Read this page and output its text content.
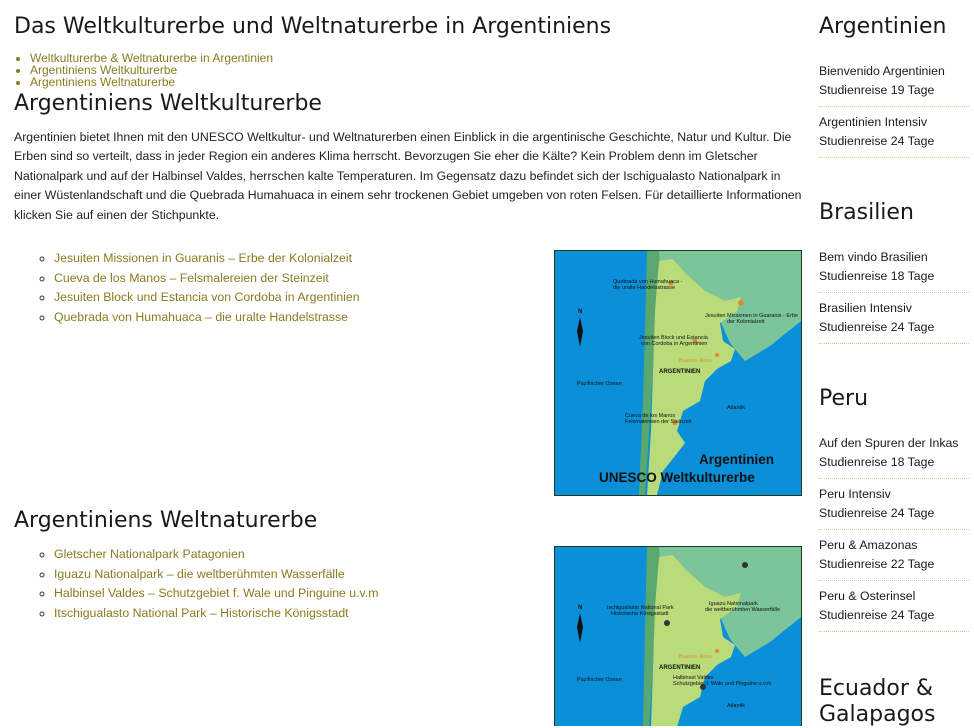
Das Weltkulturerbe und Weltnaturerbe in Argentiniens
• Weltkulturerbe & Weltnaturerbe in Argentinien
• Argentiniens Weltkulturerbe
• Argentiniens Weltnaturerbe
Argentiniens Weltkulturerbe

Argentinien bietet Ihnen mit den UNESCO Weltkultur- und Weltnaturerben einen Einblick in die argentinische Geschichte, Natur und Kultur. Die Erben sind so verteilt, dass in jeder Region ein anderes Klima herrscht. Bevorzugen Sie eher die Kälte? Kein Problem denn im Gletscher Nationalpark und auf der Halbinsel Valdes, herrschen kalte Temperaturen. Im Gegensatz dazu befindet sich der Ischigualasto Nationalpark in einer Wüstenlandschaft und die Quebrada Humahuaca in einem sehr trockenen Gebiet umgeben von roten Felsen. Für detaillierte Informationen klicken Sie auf einen der Stichpunkte.

◦ Jesuiten Missionen in Guaranis – Erbe der Kolonialzeit
◦ Cueva de los Manos – Felsmalereien der Steinzeit
◦ Jesuiten Block und Estancia von Cordoba in Argentinien
◦ Quebrada von Humahuaca – die uralte Handelstrasse
Quebrada von Humahuaca -
die uralte Handelsstrasse
Jesuiten Missionen in Guaranis - Erbe
der Kolonialzeit
Jesuiten Block und Estancia
von Cordoba in Argentinien
Buenos Aires
ARGENTINIEN
Pazifischer Ozean
Atlantik
Cueva de los Manos
Felsmalereien der Steinzeit
N
Argentinien
UNESCO Weltkulturerbe
Argentiniens Weltnaturerbe
◦ Gletscher Nationalpark Patagonien
◦ Iguazu Nationalpark – die weltberühmten Wasserfälle
◦ Halbinsel Valdes – Schutzgebiet f. Wale und Pinguine u.v.m
◦ Itschigualasto National Park – Historische Königsstadt	Ischigualasto National Park
Historische Königsstadt
Iguazu Nationalpark
die weltberühmten Wasserfälle
Buenos Aires
ARGENTINIEN
Pazifischer Ozean
Atlantik
Halbinsel Valdes
Schutzgebiet f. Wale und Pinguine u.v.m
N
Argentinien
Bienvenido Argentinien
Studienreise 19 Tage
Argentinien Intensiv
Studienreise 24 Tage
Brasilien
Bem vindo Brasilien
Studienreise 18 Tage
Brasilien Intensiv
Studienreise 24 Tage
Peru
Auf den Spuren der Inkas
Studienreise 18 Tage
Peru Intensiv
Studienreise 24 Tage
Peru & Amazonas
Studienreise 22 Tage
Peru & Osterinsel
Studienreise 24 Tage
Ecuador & Galapagos
